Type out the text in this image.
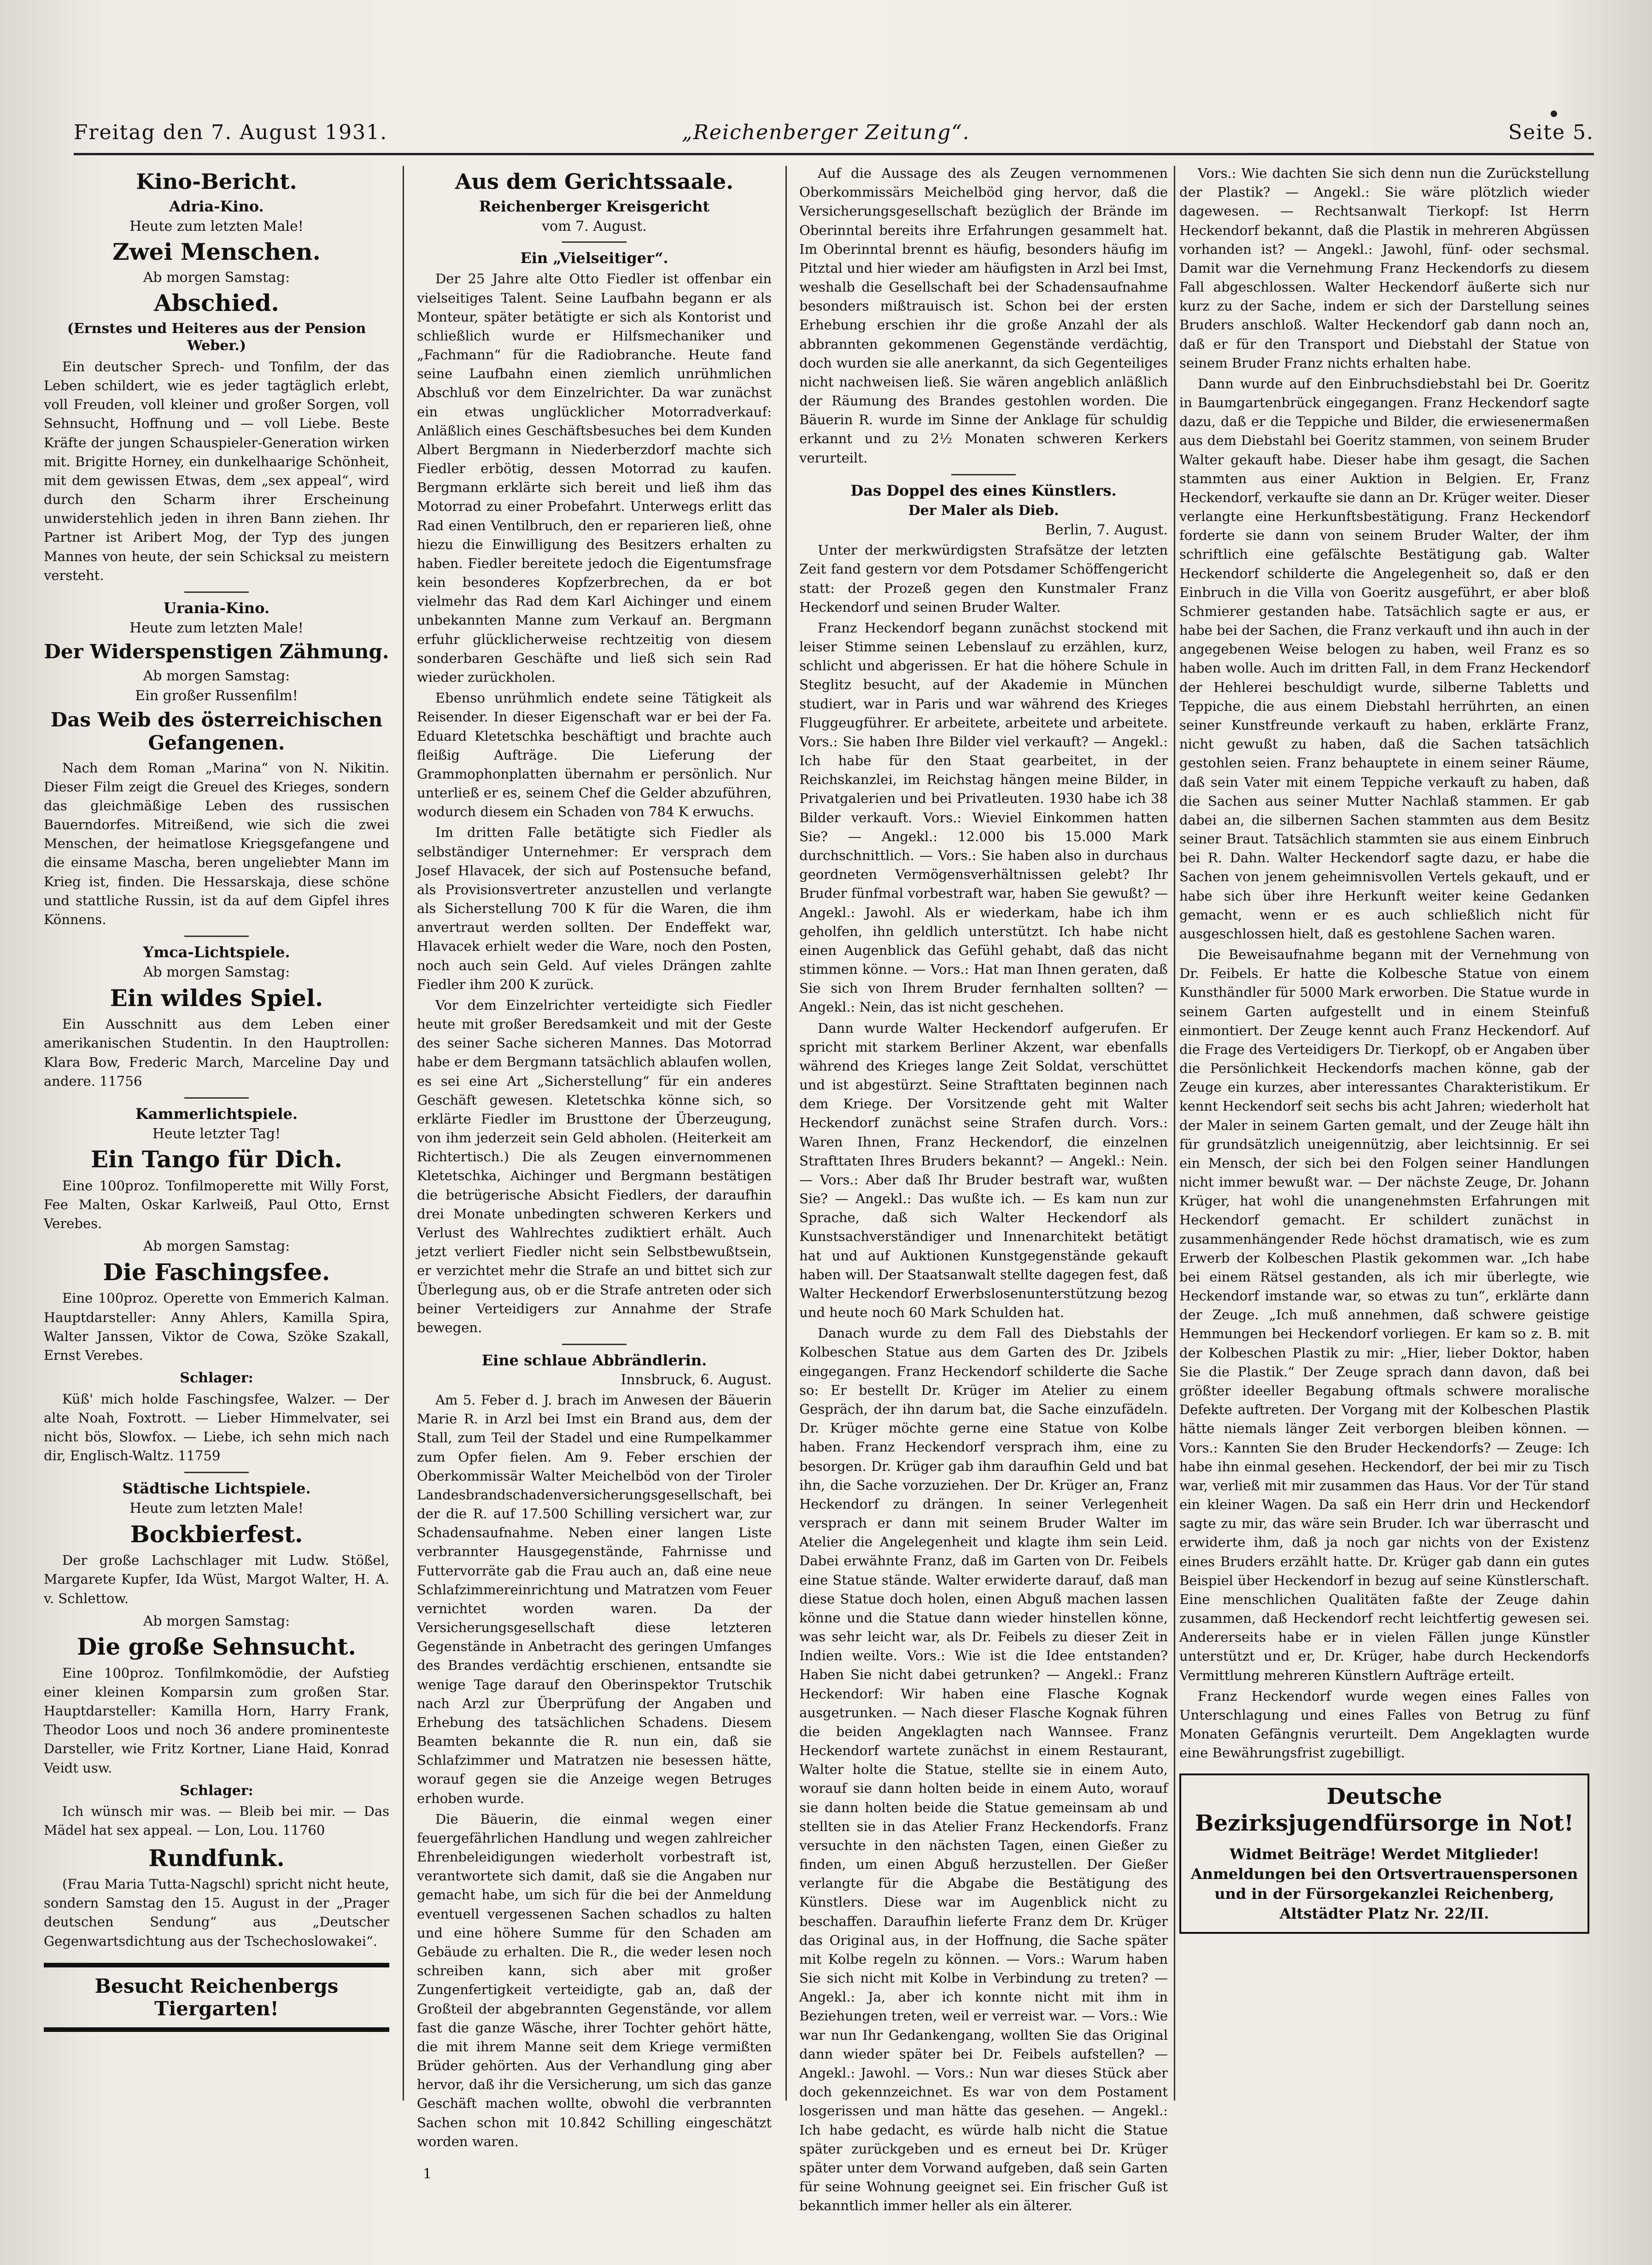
Freitag den 7. August 1931.	„Reichenberger Zeitung“.	Seite 5.
Kino-Bericht.
Adria-Kino.
Heute zum letzten Male!
Zwei Menschen.
Ab morgen Samstag:
Abschied.
(Ernstes und Heiteres aus der Pension Weber.)

Ein deutscher Sprech- und Tonfilm, der das Leben schildert, wie es jeder tagtäglich erlebt, voll Freuden, voll kleiner und großer Sorgen, voll Sehnsucht, Hoffnung und — voll Liebe. Beste Kräfte der jungen Schauspieler-Generation wirken mit. Brigitte Horney, ein dunkelhaarige Schönheit, mit dem gewissen Etwas, dem „sex appeal“, wird durch den Scharm ihrer Erscheinung unwiderstehlich jeden in ihren Bann ziehen. Ihr Partner ist Aribert Mog, der Typ des jungen Mannes von heute, der sein Schicksal zu meistern versteht.

Urania-Kino.
Heute zum letzten Male!
Der Widerspenstigen Zähmung.
Ab morgen Samstag:
Ein großer Russenfilm!
Das Weib des österreichischen Gefangenen.

Nach dem Roman „Marina“ von N. Nikitin. Dieser Film zeigt die Greuel des Krieges, sondern das gleichmäßige Leben des russischen Bauerndorfes. Mitreißend, wie sich die zwei Menschen, der heimatlose Kriegsgefangene und die einsame Mascha, beren ungeliebter Mann im Krieg ist, finden. Die Hessarskaja, diese schöne und stattliche Russin, ist da auf dem Gipfel ihres Könnens.

Ymca-Lichtspiele.
Ab morgen Samstag:
Ein wildes Spiel.

Ein Ausschnitt aus dem Leben einer amerikanischen Studentin. In den Hauptrollen: Klara Bow, Frederic March, Marceline Day und andere. 11756

Kammerlichtspiele.
Heute letzter Tag!
Ein Tango für Dich.

Eine 100proz. Tonfilmoperette mit Willy Forst, Fee Malten, Oskar Karlweiß, Paul Otto, Ernst Verebes.

Ab morgen Samstag:
Die Faschingsfee.

Eine 100proz. Operette von Emmerich Kalman. Hauptdarsteller: Anny Ahlers, Kamilla Spira, Walter Janssen, Viktor de Cowa, Szöke Szakall, Ernst Verebes.

Schlager:

Küß' mich holde Faschingsfee, Walzer. — Der alte Noah, Foxtrott. — Lieber Himmelvater, sei nicht bös, Slowfox. — Liebe, ich sehn mich nach dir, Englisch-Waltz. 11759

Städtische Lichtspiele.
Heute zum letzten Male!
Bockbierfest.

Der große Lachschlager mit Ludw. Stößel, Margarete Kupfer, Ida Wüst, Margot Walter, H. A. v. Schlettow.

Ab morgen Samstag:
Die große Sehnsucht.

Eine 100proz. Tonfilmkomödie, der Aufstieg einer kleinen Komparsin zum großen Star. Hauptdarsteller: Kamilla Horn, Harry Frank, Theodor Loos und noch 36 andere prominenteste Darsteller, wie Fritz Kortner, Liane Haid, Konrad Veidt usw.

Schlager:

Ich wünsch mir was. — Bleib bei mir. — Das Mädel hat sex appeal. — Lon, Lou. 11760

Rundfunk.

(Frau Maria Tutta-Nagschl) spricht nicht heute, sondern Samstag den 15. August in der „Prager deutschen Sendung“ aus „Deutscher Gegenwartsdichtung aus der Tschechoslowakei“.

Besucht Reichenbergs Tiergarten!
Aus dem Gerichtssaale.
Reichenberger Kreisgericht
vom 7. August.
Ein „Vielseitiger“.

Der 25 Jahre alte Otto Fiedler ist offenbar ein vielseitiges Talent. Seine Laufbahn begann er als Monteur, später betätigte er sich als Kontorist und schließlich wurde er Hilfsmechaniker und „Fachmann“ für die Radiobranche. Heute fand seine Laufbahn einen ziemlich unrühmlichen Abschluß vor dem Einzelrichter. Da war zunächst ein etwas unglücklicher Motorradverkauf: Anläßlich eines Geschäftsbesuches bei dem Kunden Albert Bergmann in Niederberzdorf machte sich Fiedler erbötig, dessen Motorrad zu kaufen. Bergmann erklärte sich bereit und ließ ihm das Motorrad zu einer Probefahrt. Unterwegs erlitt das Rad einen Ventilbruch, den er reparieren ließ, ohne hiezu die Einwilligung des Besitzers erhalten zu haben. Fiedler bereitete jedoch die Eigentumsfrage kein besonderes Kopfzerbrechen, da er bot vielmehr das Rad dem Karl Aichinger und einem unbekannten Manne zum Verkauf an. Bergmann erfuhr glücklicherweise rechtzeitig von diesem sonderbaren Geschäfte und ließ sich sein Rad wieder zurückholen.

Ebenso unrühmlich endete seine Tätigkeit als Reisender. In dieser Eigenschaft war er bei der Fa. Eduard Kletetschka beschäftigt und brachte auch fleißig Aufträge. Die Lieferung der Grammophonplatten übernahm er persönlich. Nur unterließ er es, seinem Chef die Gelder abzuführen, wodurch diesem ein Schaden von 784 K erwuchs.

Im dritten Falle betätigte sich Fiedler als selbständiger Unternehmer: Er versprach dem Josef Hlavacek, der sich auf Postensuche befand, als Provisionsvertreter anzustellen und verlangte als Sicherstellung 700 K für die Waren, die ihm anvertraut werden sollten. Der Endeffekt war, Hlavacek erhielt weder die Ware, noch den Posten, noch auch sein Geld. Auf vieles Drängen zahlte Fiedler ihm 200 K zurück.

Vor dem Einzelrichter verteidigte sich Fiedler heute mit großer Beredsamkeit und mit der Geste des seiner Sache sicheren Mannes. Das Motorrad habe er dem Bergmann tatsächlich ablaufen wollen, es sei eine Art „Sicherstellung“ für ein anderes Geschäft gewesen. Kletetschka könne sich, so erklärte Fiedler im Brusttone der Überzeugung, von ihm jederzeit sein Geld abholen. (Heiterkeit am Richtertisch.) Die als Zeugen einvernommenen Kletetschka, Aichinger und Bergmann bestätigen die betrügerische Absicht Fiedlers, der daraufhin drei Monate unbedingten schweren Kerkers und Verlust des Wahlrechtes zudiktiert erhält. Auch jetzt verliert Fiedler nicht sein Selbstbewußtsein, er verzichtet mehr die Strafe an und bittet sich zur Überlegung aus, ob er die Strafe antreten oder sich beiner Verteidigers zur Annahme der Strafe bewegen.

Eine schlaue Abbrändlerin.
Innsbruck, 6. August.

Am 5. Feber d. J. brach im Anwesen der Bäuerin Marie R. in Arzl bei Imst ein Brand aus, dem der Stall, zum Teil der Stadel und eine Rumpelkammer zum Opfer fielen. Am 9. Feber erschien der Oberkommissär Walter Meichelböd von der Tiroler Landesbrandschadenversicherungsgesellschaft, bei der die R. auf 17.500 Schilling versichert war, zur Schadensaufnahme. Neben einer langen Liste verbrannter Hausgegenstände, Fahrnisse und Futtervorräte gab die Frau auch an, daß eine neue Schlafzimmereinrichtung und Matratzen vom Feuer vernichtet worden waren. Da der Versicherungsgesellschaft diese letzteren Gegenstände in Anbetracht des geringen Umfanges des Brandes verdächtig erschienen, entsandte sie wenige Tage darauf den Oberinspektor Trutschik nach Arzl zur Überprüfung der Angaben und Erhebung des tatsächlichen Schadens. Diesem Beamten bekannte die R. nun ein, daß sie Schlafzimmer und Matratzen nie besessen hätte, worauf gegen sie die Anzeige wegen Betruges erhoben wurde.

Die Bäuerin, die einmal wegen einer feuergefährlichen Handlung und wegen zahlreicher Ehrenbeleidigungen wiederholt vorbestraft ist, verantwortete sich damit, daß sie die Angaben nur gemacht habe, um sich für die bei der Anmeldung eventuell vergessenen Sachen schadlos zu halten und eine höhere Summe für den Schaden am Gebäude zu erhalten. Die R., die weder lesen noch schreiben kann, sich aber mit großer Zungenfertigkeit verteidigte, gab an, daß der Großteil der abgebrannten Gegenstände, vor allem fast die ganze Wäsche, ihrer Tochter gehört hätte, die mit ihrem Manne seit dem Kriege vermißten Brüder gehörten. Aus der Verhandlung ging aber hervor, daß ihr die Versicherung, um sich das ganze Geschäft machen wollte, obwohl die verbrannten Sachen schon mit 10.842 Schilling eingeschätzt worden waren.

Auf die Aussage des als Zeugen vernommenen Oberkommissärs Meichelböd ging hervor, daß die Versicherungsgesellschaft bezüglich der Brände im Oberinntal bereits ihre Erfahrungen gesammelt hat. Im Oberinntal brennt es häufig, besonders häufig im Pitztal und hier wieder am häufigsten in Arzl bei Imst, weshalb die Gesellschaft bei der Schadensaufnahme besonders mißtrauisch ist. Schon bei der ersten Erhebung erschien ihr die große Anzahl der als abbrannten gekommenen Gegenstände verdächtig, doch wurden sie alle anerkannt, da sich Gegenteiliges nicht nachweisen ließ. Sie wären angeblich anläßlich der Räumung des Brandes gestohlen worden. Die Bäuerin R. wurde im Sinne der Anklage für schuldig erkannt und zu 2½ Monaten schweren Kerkers verurteilt.

Das Doppel des eines Künstlers.
Der Maler als Dieb.
Berlin, 7. August.

Unter der merkwürdigsten Strafsätze der letzten Zeit fand gestern vor dem Potsdamer Schöffengericht statt: der Prozeß gegen den Kunstmaler Franz Heckendorf und seinen Bruder Walter.

Franz Heckendorf begann zunächst stockend mit leiser Stimme seinen Lebenslauf zu erzählen, kurz, schlicht und abgerissen. Er hat die höhere Schule in Steglitz besucht, auf der Akademie in München studiert, war in Paris und war während des Krieges Fluggeugführer. Er arbeitete, arbeitete und arbeitete. Vors.: Sie haben Ihre Bilder viel verkauft? — Angekl.: Ich habe für den Staat gearbeitet, in der Reichskanzlei, im Reichstag hängen meine Bilder, in Privatgalerien und bei Privatleuten. 1930 habe ich 38 Bilder verkauft. Vors.: Wieviel Einkommen hatten Sie? — Angekl.: 12.000 bis 15.000 Mark durchschnittlich. — Vors.: Sie haben also in durchaus geordneten Vermögensverhältnissen gelebt? Ihr Bruder fünfmal vorbestraft war, haben Sie gewußt? — Angekl.: Jawohl. Als er wiederkam, habe ich ihm geholfen, ihn geldlich unterstützt. Ich habe nicht einen Augenblick das Gefühl gehabt, daß das nicht stimmen könne. — Vors.: Hat man Ihnen geraten, daß Sie sich von Ihrem Bruder fernhalten sollten? — Angekl.: Nein, das ist nicht geschehen.

Dann wurde Walter Heckendorf aufgerufen. Er spricht mit starkem Berliner Akzent, war ebenfalls während des Krieges lange Zeit Soldat, verschüttet und ist abgestürzt. Seine Strafttaten beginnen nach dem Kriege. Der Vorsitzende geht mit Walter Heckendorf zunächst seine Strafen durch. Vors.: Waren Ihnen, Franz Heckendorf, die einzelnen Strafttaten Ihres Bruders bekannt? — Angekl.: Nein. — Vors.: Aber daß Ihr Bruder bestraft war, wußten Sie? — Angekl.: Das wußte ich. — Es kam nun zur Sprache, daß sich Walter Heckendorf als Kunstsachverständiger und Innenarchitekt betätigt hat und auf Auktionen Kunstgegenstände gekauft haben will. Der Staatsanwalt stellte dagegen fest, daß Walter Heckendorf Erwerbslosenunterstützung bezog und heute noch 60 Mark Schulden hat.

Danach wurde zu dem Fall des Diebstahls der Kolbeschen Statue aus dem Garten des Dr. Jzibels eingegangen. Franz Heckendorf schilderte die Sache so: Er bestellt Dr. Krüger im Atelier zu einem Gespräch, der ihn darum bat, die Sache einzufädeln. Dr. Krüger möchte gerne eine Statue von Kolbe haben. Franz Heckendorf versprach ihm, eine zu besorgen. Dr. Krüger gab ihm daraufhin Geld und bat ihn, die Sache vorzuziehen. Der Dr. Krüger an, Franz Heckendorf zu drängen. In seiner Verlegenheit versprach er dann mit seinem Bruder Walter im Atelier die Angelegenheit und klagte ihm sein Leid. Dabei erwähnte Franz, daß im Garten von Dr. Feibels eine Statue stände. Walter erwiderte darauf, daß man diese Statue doch holen, einen Abguß machen lassen könne und die Statue dann wieder hinstellen könne, was sehr leicht war, als Dr. Feibels zu dieser Zeit in Indien weilte. Vors.: Wie ist die Idee entstanden? Haben Sie nicht dabei getrunken? — Angekl.: Franz Heckendorf: Wir haben eine Flasche Kognak ausgetrunken. — Nach dieser Flasche Kognak führen die beiden Angeklagten nach Wannsee. Franz Heckendorf wartete zunächst in einem Restaurant, Walter holte die Statue, stellte sie in einem Auto, worauf sie dann holten beide in einem Auto, worauf sie dann holten beide die Statue gemeinsam ab und stellten sie in das Atelier Franz Heckendorfs. Franz versuchte in den nächsten Tagen, einen Gießer zu finden, um einen Abguß herzustellen. Der Gießer verlangte für die Abgabe die Bestätigung des Künstlers. Diese war im Augenblick nicht zu beschaffen. Daraufhin lieferte Franz dem Dr. Krüger das Original aus, in der Hoffnung, die Sache später mit Kolbe regeln zu können. — Vors.: Warum haben Sie sich nicht mit Kolbe in Verbindung zu treten? — Angekl.: Ja, aber ich konnte nicht mit ihm in Beziehungen treten, weil er verreist war. — Vors.: Wie war nun Ihr Gedankengang, wollten Sie das Original dann wieder später bei Dr. Feibels aufstellen? — Angekl.: Jawohl. — Vors.: Nun war dieses Stück aber doch gekennzeichnet. Es war von dem Postament losgerissen und man hätte das gesehen. — Angekl.: Ich habe gedacht, es würde halb nicht die Statue später zurückgeben und es erneut bei Dr. Krüger später unter dem Vorwand aufgeben, daß sein Garten für seine Wohnung geeignet sei. Ein frischer Guß ist bekanntlich immer heller als ein älterer.

Vors.: Wie dachten Sie sich denn nun die Zurückstellung der Plastik? — Angekl.: Sie wäre plötzlich wieder dagewesen. — Rechtsanwalt Tierkopf: Ist Herrn Heckendorf bekannt, daß die Plastik in mehreren Abgüssen vorhanden ist? — Angekl.: Jawohl, fünf- oder sechsmal. Damit war die Vernehmung Franz Heckendorfs zu diesem Fall abgeschlossen. Walter Heckendorf äußerte sich nur kurz zu der Sache, indem er sich der Darstellung seines Bruders anschloß. Walter Heckendorf gab dann noch an, daß er für den Transport und Diebstahl der Statue von seinem Bruder Franz nichts erhalten habe.

Dann wurde auf den Einbruchsdiebstahl bei Dr. Goeritz in Baumgartenbrück eingegangen. Franz Heckendorf sagte dazu, daß er die Teppiche und Bilder, die erwiesenermaßen aus dem Diebstahl bei Goeritz stammen, von seinem Bruder Walter gekauft habe. Dieser habe ihm gesagt, die Sachen stammten aus einer Auktion in Belgien. Er, Franz Heckendorf, verkaufte sie dann an Dr. Krüger weiter. Dieser verlangte eine Herkunftsbestätigung. Franz Heckendorf forderte sie dann von seinem Bruder Walter, der ihm schriftlich eine gefälschte Bestätigung gab. Walter Heckendorf schilderte die Angelegenheit so, daß er den Einbruch in die Villa von Goeritz ausgeführt, er aber bloß Schmierer gestanden habe. Tatsächlich sagte er aus, er habe bei der Sachen, die Franz verkauft und ihn auch in der angegebenen Weise belogen zu haben, weil Franz es so haben wolle. Auch im dritten Fall, in dem Franz Heckendorf der Hehlerei beschuldigt wurde, silberne Tabletts und Teppiche, die aus einem Diebstahl herrührten, an einen seiner Kunstfreunde verkauft zu haben, erklärte Franz, nicht gewußt zu haben, daß die Sachen tatsächlich gestohlen seien. Franz behauptete in einem seiner Räume, daß sein Vater mit einem Teppiche verkauft zu haben, daß die Sachen aus seiner Mutter Nachlaß stammen. Er gab dabei an, die silbernen Sachen stammten aus dem Besitz seiner Braut. Tatsächlich stammten sie aus einem Einbruch bei R. Dahn. Walter Heckendorf sagte dazu, er habe die Sachen von jenem geheimnisvollen Vertels gekauft, und er habe sich über ihre Herkunft weiter keine Gedanken gemacht, wenn er es auch schließlich nicht für ausgeschlossen hielt, daß es gestohlene Sachen waren.

Die Beweisaufnahme begann mit der Vernehmung von Dr. Feibels. Er hatte die Kolbesche Statue von einem Kunsthändler für 5000 Mark erworben. Die Statue wurde in seinem Garten aufgestellt und in einem Steinfuß einmontiert. Der Zeuge kennt auch Franz Heckendorf. Auf die Frage des Verteidigers Dr. Tierkopf, ob er Angaben über die Persönlichkeit Heckendorfs machen könne, gab der Zeuge ein kurzes, aber interessantes Charakteristikum. Er kennt Heckendorf seit sechs bis acht Jahren; wiederholt hat der Maler in seinem Garten gemalt, und der Zeuge hält ihn für grundsätzlich uneigennützig, aber leichtsinnig. Er sei ein Mensch, der sich bei den Folgen seiner Handlungen nicht immer bewußt war. — Der nächste Zeuge, Dr. Johann Krüger, hat wohl die unangenehmsten Erfahrungen mit Heckendorf gemacht. Er schildert zunächst in zusammenhängender Rede höchst dramatisch, wie es zum Erwerb der Kolbeschen Plastik gekommen war. „Ich habe bei einem Rätsel gestanden, als ich mir überlegte, wie Heckendorf imstande war, so etwas zu tun“, erklärte dann der Zeuge. „Ich muß annehmen, daß schwere geistige Hemmungen bei Heckendorf vorliegen. Er kam so z. B. mit der Kolbeschen Plastik zu mir: „Hier, lieber Doktor, haben Sie die Plastik.“ Der Zeuge sprach dann davon, daß bei größter ideeller Begabung oftmals schwere moralische Defekte auftreten. Der Vorgang mit der Kolbeschen Plastik hätte niemals länger Zeit verborgen bleiben können. — Vors.: Kannten Sie den Bruder Heckendorfs? — Zeuge: Ich habe ihn einmal gesehen. Heckendorf, der bei mir zu Tisch war, verließ mit mir zusammen das Haus. Vor der Tür stand ein kleiner Wagen. Da saß ein Herr drin und Heckendorf sagte zu mir, das wäre sein Bruder. Ich war überrascht und erwiderte ihm, daß ja noch gar nichts von der Existenz eines Bruders erzählt hatte. Dr. Krüger gab dann ein gutes Beispiel über Heckendorf in bezug auf seine Künstlerschaft. Eine menschlichen Qualitäten faßte der Zeuge dahin zusammen, daß Heckendorf recht leichtfertig gewesen sei. Andererseits habe er in vielen Fällen junge Künstler unterstützt und er, Dr. Krüger, habe durch Heckendorfs Vermittlung mehreren Künstlern Aufträge erteilt.

Franz Heckendorf wurde wegen eines Falles von Unterschlagung und eines Falles von Betrug zu fünf Monaten Gefängnis verurteilt. Dem Angeklagten wurde eine Bewährungsfrist zugebilligt.

Deutsche Bezirksjugendfürsorge in Not!
Widmet Beiträge! Werdet Mitglieder! Anmeldungen bei den Ortsvertrauenspersonen und in der Fürsorgekanzlei Reichenberg, Altstädter Platz Nr. 22/II.
1
